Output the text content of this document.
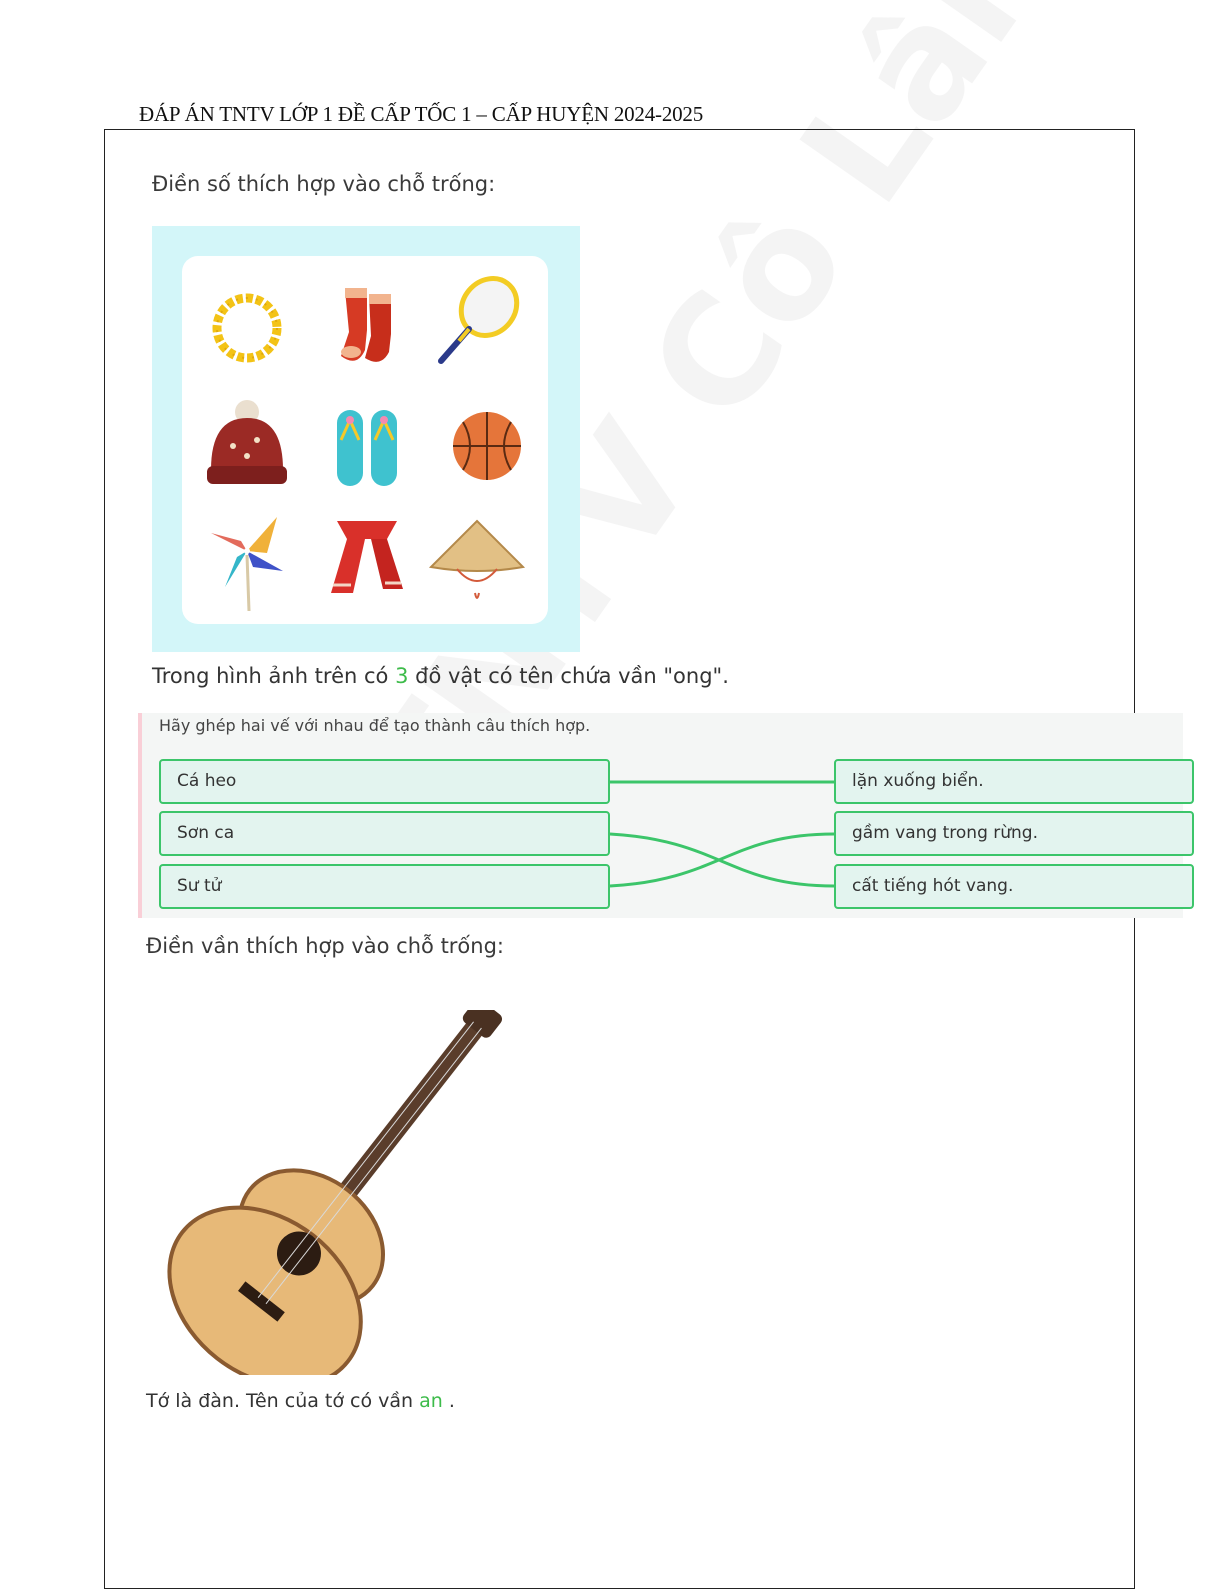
ĐÁP ÁN TNTV LỚP 1 ĐỀ CẤP TỐC 1 – CẤP HUYỆN 2024-2025
Điền số thích hợp vào chỗ trống:
Trong hình ảnh trên có 3 đồ vật có tên chứa vần "ong".
Hãy ghép hai vế với nhau để tạo thành câu thích hợp.
Cá heo
Sơn ca
Sư tử
lặn xuống biển.
gầm vang trong rừng.
cất tiếng hót vang.
Điền vần thích hợp vào chỗ trống:
Tớ là đàn. Tên của tớ có vần an .
